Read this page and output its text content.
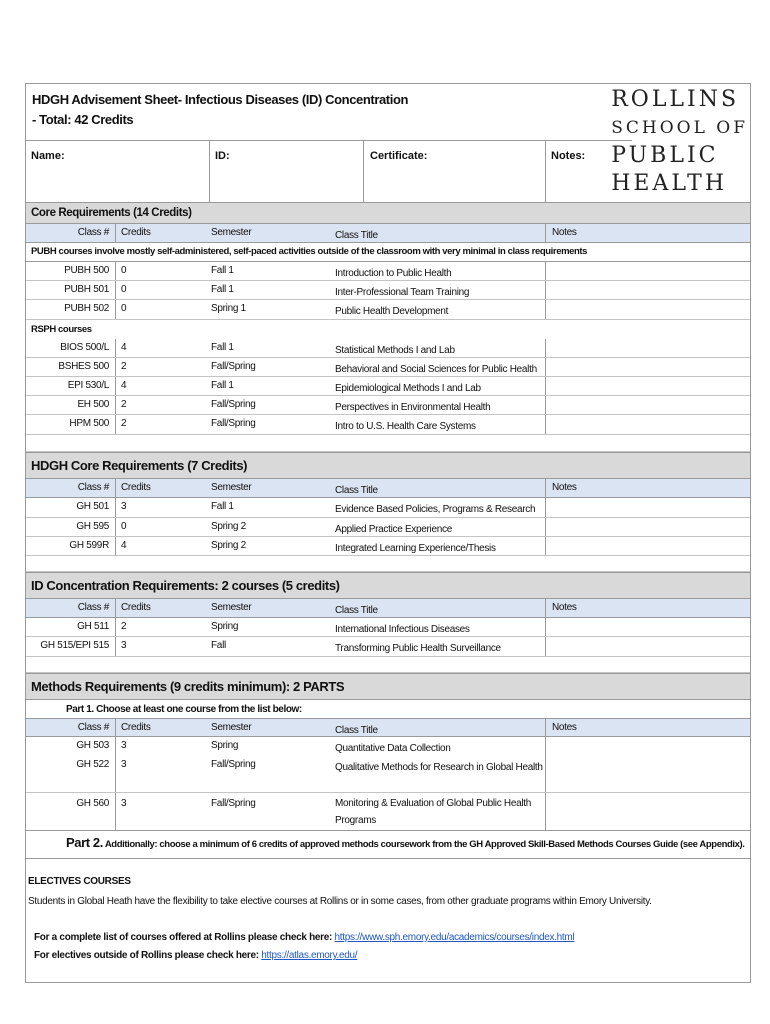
HDGH Advisement Sheet- Infectious Diseases (ID) Concentration
- Total: 42 Credits
ROLLINS
SCHOOL OF
PUBLIC
HEALTH
Name:	ID:	Certificate:	Notes:
Core Requirements (14 Credits)
Class #	Credits	Semester	Class Title	Notes
PUBH courses involve mostly self-administered, self-paced activities outside of the classroom with very minimal in class requirements
PUBH 500	0	Fall 1	Introduction to Public Health
PUBH 501	0	Fall 1	Inter-Professional Team Training
PUBH 502	0	Spring 1	Public Health Development
RSPH courses
BIOS 500/L	4	Fall 1	Statistical Methods I and Lab
BSHES 500	2	Fall/Spring	Behavioral and Social Sciences for Public Health
EPI 530/L	4	Fall 1	Epidemiological Methods I and Lab
EH 500	2	Fall/Spring	Perspectives in Environmental Health
HPM 500	2	Fall/Spring	Intro to U.S. Health Care Systems
HDGH Core Requirements (7 Credits)
Class #	Credits	Semester	Class Title	Notes
GH 501	3	Fall 1	Evidence Based Policies, Programs & Research
GH 595	0	Spring 2	Applied Practice Experience
GH 599R	4	Spring 2	Integrated Learning Experience/Thesis
ID Concentration Requirements: 2 courses (5 credits)
Class #	Credits	Semester	Class Title	Notes
GH 511	2	Spring	International Infectious Diseases
GH 515/EPI 515	3	Fall	Transforming Public Health Surveillance
Methods Requirements (9 credits minimum): 2 PARTS
Part 1. Choose at least one course from the list below:
Class #	Credits	Semester	Class Title	Notes
GH 503	3	Spring	Quantitative Data Collection
GH 522	3	Fall/Spring	Qualitative Methods for Research in Global Health
GH 560	3	Fall/Spring	Monitoring & Evaluation of Global Public Health Programs
Part 2. Additionally: choose a minimum of 6 credits of approved methods coursework from the GH Approved Skill-Based Methods Courses Guide (see Appendix).
ELECTIVES COURSES
Students in Global Heath have the flexibility to take elective courses at Rollins or in some cases, from other graduate programs within Emory University.
For a complete list of courses offered at Rollins please check here: https://www.sph.emory.edu/academics/courses/index.html
For electives outside of Rollins please check here: https://atlas.emory.edu/
